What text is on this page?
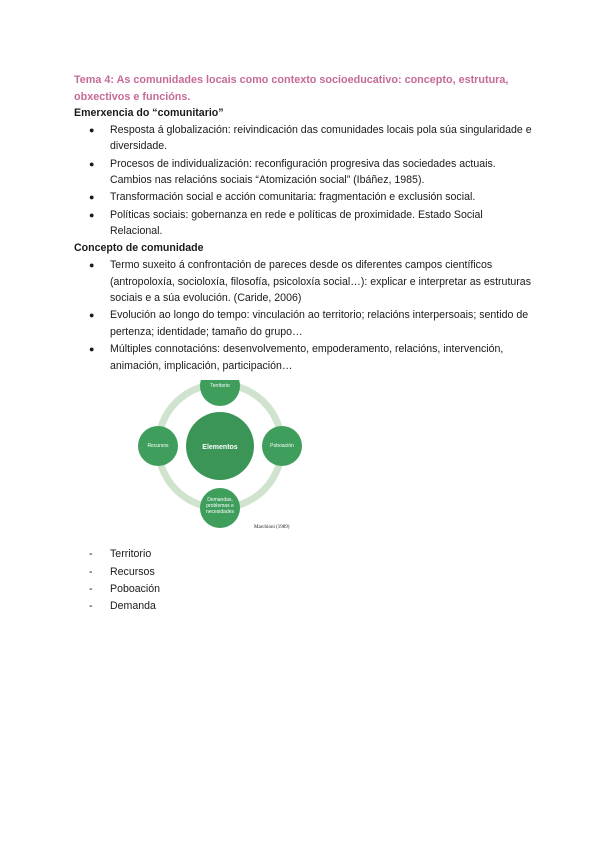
Tema 4: As comunidades locais como contexto socioeducativo: concepto, estrutura, obxectivos e funcións.
Emerxencia do “comunitario”
● Resposta á globalización: reivindicación das comunidades locais pola súa singularidade e diversidade.
● Procesos de individualización: reconfiguración progresiva das sociedades actuais. Cambios nas relacións sociais “Atomización social” (Ibáñez, 1985).
● Transformación social e acción comunitaria: fragmentación e exclusión social.
● Políticas sociais: gobernanza en rede e políticas de proximidade. Estado Social Relacional.
Concepto de comunidade
● Termo suxeito á confrontación de pareces desde os diferentes campos científicos (antropoloxía, socioloxía, filosofía, psicoloxía social…): explicar e interpretar as estruturas sociais e a súa evolución. (Caride, 2006)
● Evolución ao longo do tempo: vinculación ao territorio; relacións interpersoais; sentido de pertenza; identidade; tamaño do grupo…
● Múltiples connotacións: desenvolvemento, empoderamento, relacións, intervención, animación, implicación, participación…
Elementos
Territorio
Recursos	Poboación
Demandas, problemas e necesidades
Marchioni (1989)
- Territorio
- Recursos
- Poboación
- Demanda
